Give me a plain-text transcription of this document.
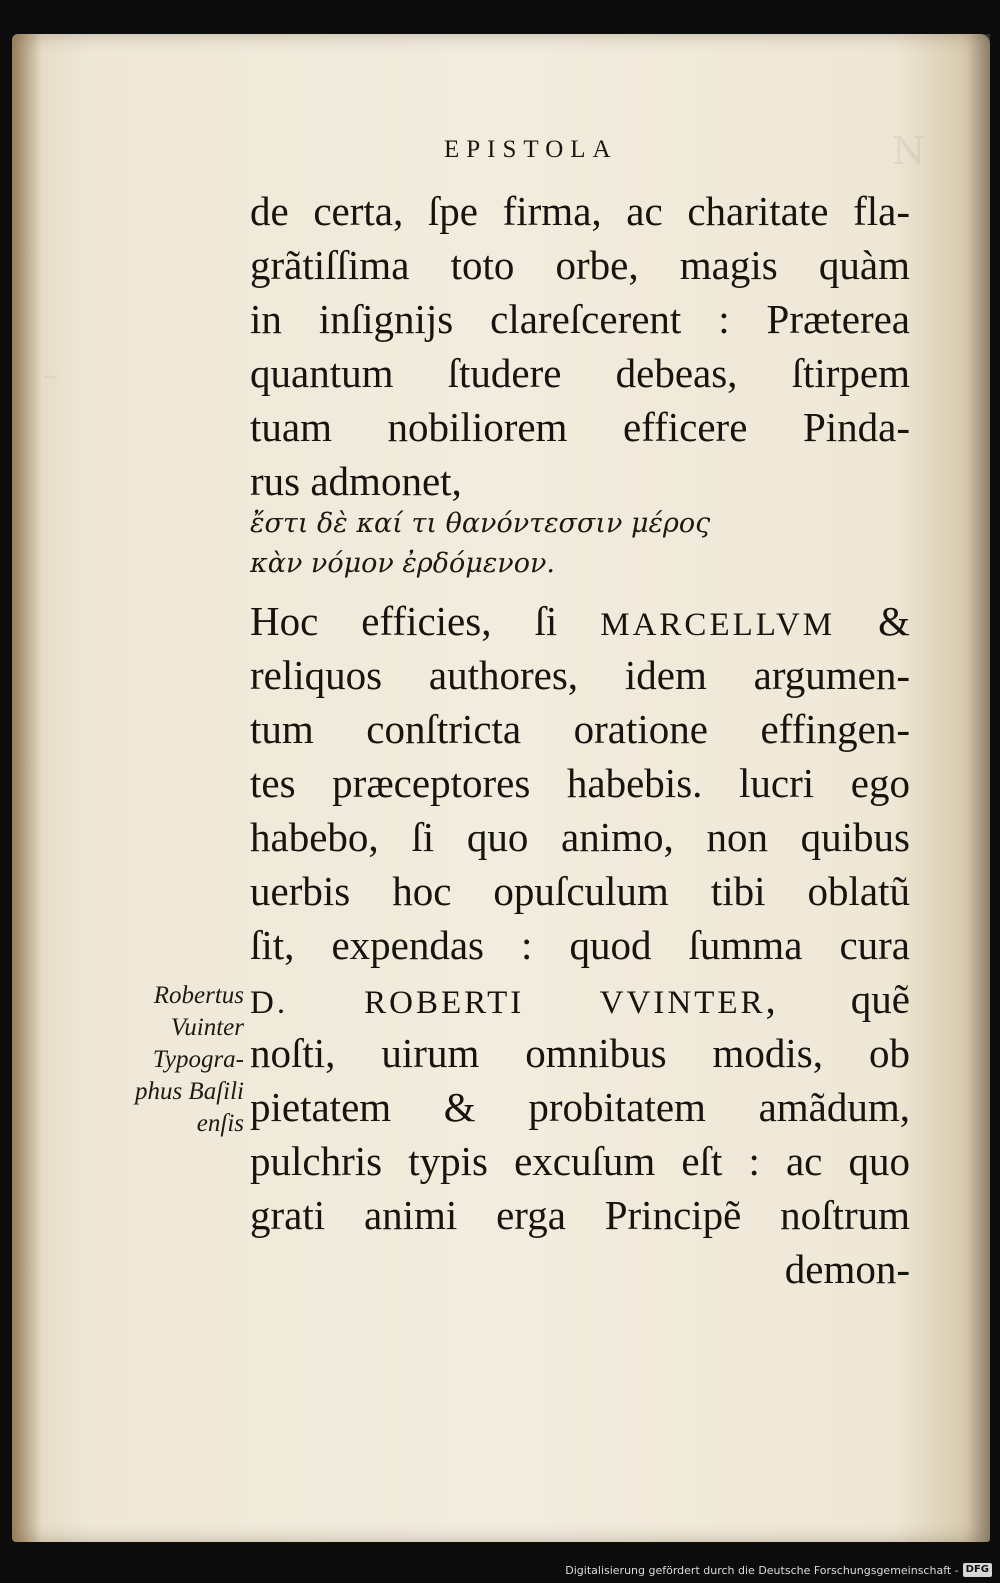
N
~
EPISTOLA
de certa, ſpe firma, ac charitate fla-
grãtiſſima toto orbe, magis quàm
in inſignijs clareſcerent : Præterea
quantum ſtudere debeas, ſtirpem
tuam nobiliorem efficere Pinda-
rus admonet,
ἔστι δὲ καί τι θανόντεσσιν μέρος
κὰν νόμον ἐρδόμενον.
Hoc efficies, ſi MARCELLVM &
reliquos authores, idem argumen-
tum conſtricta oratione effingen-
tes præceptores habebis. lucri ego
habebo, ſi quo animo, non quibus
uerbis hoc opuſculum tibi oblatũ
ſit, expendas : quod ſumma cura
D. ROBERTI VVINTER, quẽ
noſti, uirum omnibus modis, ob
pietatem & probitatem amãdum,
pulchris typis excuſum eſt : ac quo
grati animi erga Principẽ noſtrum
demon-
Robertus
Vuinter
Typogra-
phus Baſili
enſis
Digitalisierung gefördert durch die Deutsche Forschungsgemeinschaft - DFG
